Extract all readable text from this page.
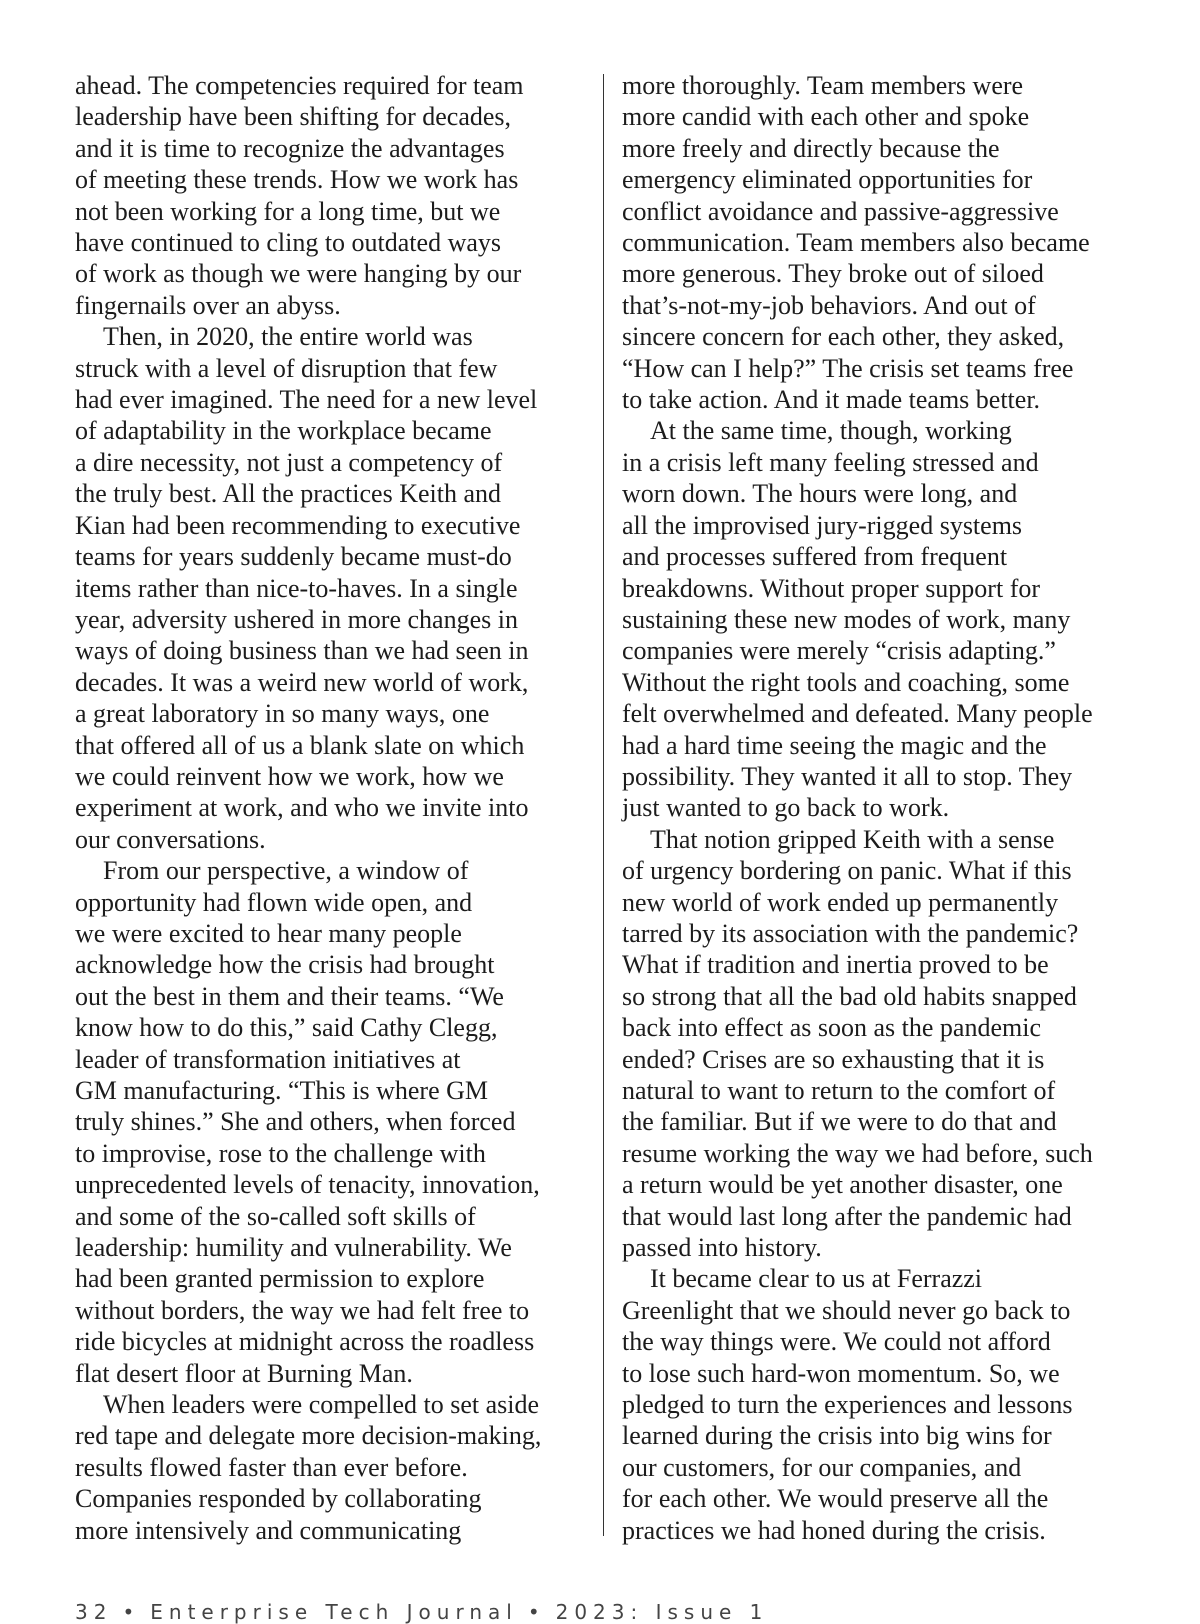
ahead. The competencies required for team
leadership have been shifting for decades,
and it is time to recognize the advantages
of meeting these trends. How we work has
not been working for a long time, but we
have continued to cling to outdated ways
of work as though we were hanging by our
fingernails over an abyss.
Then, in 2020, the entire world was
struck with a level of disruption that few
had ever imagined. The need for a new level
of adaptability in the workplace became
a dire necessity, not just a competency of
the truly best. All the practices Keith and
Kian had been recommending to executive
teams for years suddenly became must-do
items rather than nice-to-haves. In a single
year, adversity ushered in more changes in
ways of doing business than we had seen in
decades. It was a weird new world of work,
a great laboratory in so many ways, one
that offered all of us a blank slate on which
we could reinvent how we work, how we
experiment at work, and who we invite into
our conversations.
From our perspective, a window of
opportunity had flown wide open, and
we were excited to hear many people
acknowledge how the crisis had brought
out the best in them and their teams. “We
know how to do this,” said Cathy Clegg,
leader of transformation initiatives at
GM manufacturing. “This is where GM
truly shines.” She and others, when forced
to improvise, rose to the challenge with
unprecedented levels of tenacity, innovation,
and some of the so-called soft skills of
leadership: humility and vulnerability. We
had been granted permission to explore
without borders, the way we had felt free to
ride bicycles at midnight across the roadless
flat desert floor at Burning Man.
When leaders were compelled to set aside
red tape and delegate more decision-making,
results flowed faster than ever before.
Companies responded by collaborating
more intensively and communicating
more thoroughly. Team members were
more candid with each other and spoke
more freely and directly because the
emergency eliminated opportunities for
conflict avoidance and passive-aggressive
communication. Team members also became
more generous. They broke out of siloed
that’s-not-my-job behaviors. And out of
sincere concern for each other, they asked,
“How can I help?” The crisis set teams free
to take action. And it made teams better.
At the same time, though, working
in a crisis left many feeling stressed and
worn down. The hours were long, and
all the improvised jury-rigged systems
and processes suffered from frequent
breakdowns. Without proper support for
sustaining these new modes of work, many
companies were merely “crisis adapting.”
Without the right tools and coaching, some
felt overwhelmed and defeated. Many people
had a hard time seeing the magic and the
possibility. They wanted it all to stop. They
just wanted to go back to work.
That notion gripped Keith with a sense
of urgency bordering on panic. What if this
new world of work ended up permanently
tarred by its association with the pandemic?
What if tradition and inertia proved to be
so strong that all the bad old habits snapped
back into effect as soon as the pandemic
ended? Crises are so exhausting that it is
natural to want to return to the comfort of
the familiar. But if we were to do that and
resume working the way we had before, such
a return would be yet another disaster, one
that would last long after the pandemic had
passed into history.
It became clear to us at Ferrazzi
Greenlight that we should never go back to
the way things were. We could not afford
to lose such hard-won momentum. So, we
pledged to turn the experiences and lessons
learned during the crisis into big wins for
our customers, for our companies, and
for each other. We would preserve all the
practices we had honed during the crisis.
32 • Enterprise Tech Journal • 2023: Issue 1
